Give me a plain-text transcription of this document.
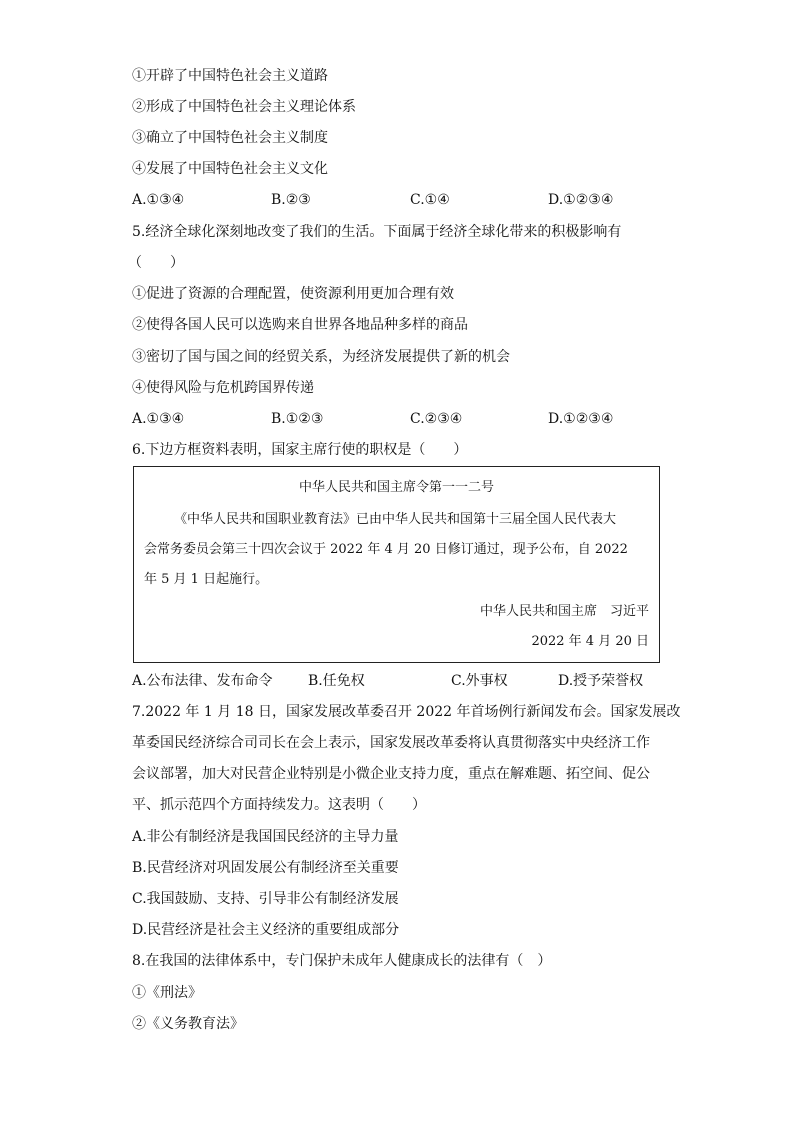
①开辟了中国特色社会主义道路
②形成了中国特色社会主义理论体系
③确立了中国特色社会主义制度
④发展了中国特色社会主义文化
A.①③④	B.②③	C.①④	D.①②③④
5.经济全球化深刻地改变了我们的生活。下面属于经济全球化带来的积极影响有
（　　）
①促进了资源的合理配置，使资源利用更加合理有效
②使得各国人民可以选购来自世界各地品种多样的商品
③密切了国与国之间的经贸关系，为经济发展提供了新的机会
④使得风险与危机跨国界传递
A.①③④	B.①②③	C.②③④	D.①②③④
6.下边方框资料表明，国家主席行使的职权是（　　）
中华人民共和国主席令第一一二号
《中华人民共和国职业教育法》已由中华人民共和国第十三届全国人民代表大
会常务委员会第三十四次会议于 2022 年 4 月 20 日修订通过，现予公布，自 2022
年 5 月 1 日起施行。
中华人民共和国主席　习近平
2022 年 4 月 20 日
A.公布法律、发布命令	B.任免权	C.外事权	D.授予荣誉权
7.2022 年 1 月 18 日，国家发展改革委召开 2022 年首场例行新闻发布会。国家发展改
革委国民经济综合司司长在会上表示，国家发展改革委将认真贯彻落实中央经济工作
会议部署，加大对民营企业特别是小微企业支持力度，重点在解难题、拓空间、促公
平、抓示范四个方面持续发力。这表明（　　）
A.非公有制经济是我国国民经济的主导力量
B.民营经济对巩固发展公有制经济至关重要
C.我国鼓励、支持、引导非公有制经济发展
D.民营经济是社会主义经济的重要组成部分
8.在我国的法律体系中，专门保护未成年人健康成长的法律有（　）
①《刑法》
②《义务教育法》
